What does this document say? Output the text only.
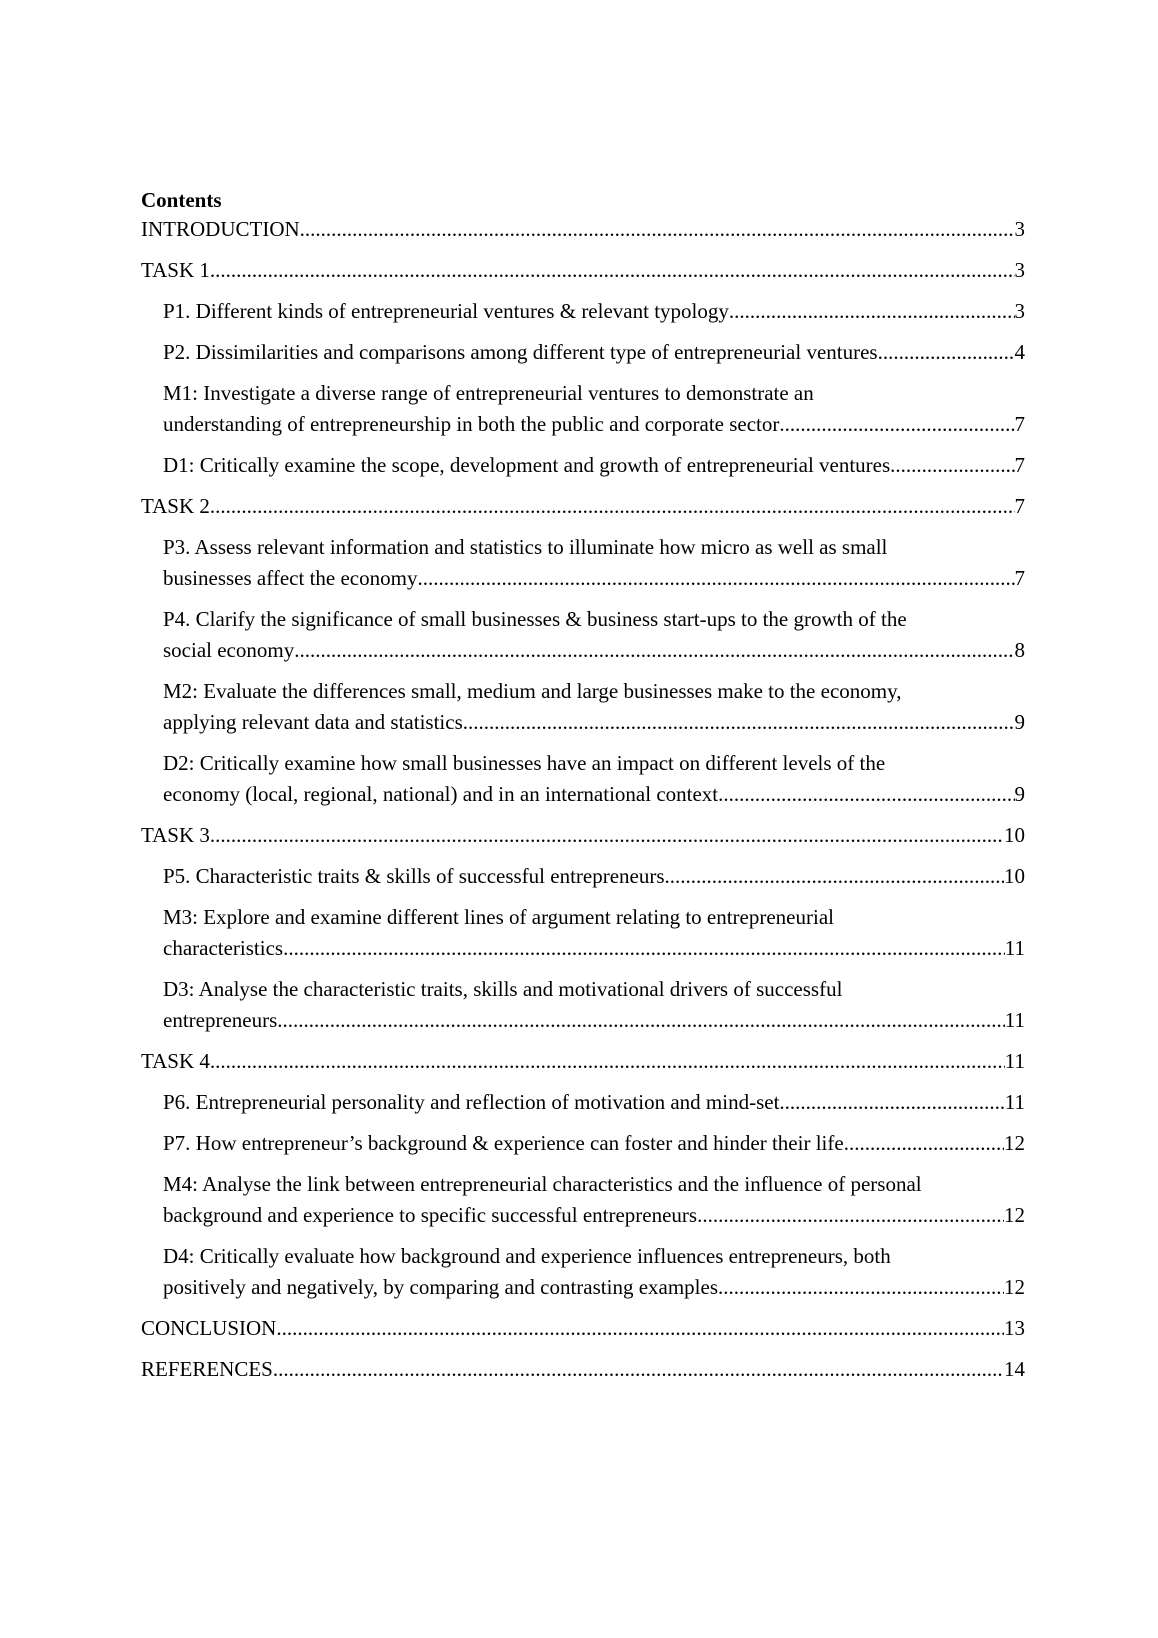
Contents
INTRODUCTION .....	3
TASK 1 .....	3
P1. Different kinds of entrepreneurial ventures & relevant typology .....	3
P2. Dissimilarities and comparisons among different type of entrepreneurial ventures .....	4
M1: Investigate a diverse range of entrepreneurial ventures to demonstrate an
understanding of entrepreneurship in both the public and corporate sector .....	7
D1: Critically examine the scope, development and growth of entrepreneurial ventures .....	7
TASK 2 .....	7
P3. Assess relevant information and statistics to illuminate how micro as well as small
businesses affect the economy .....	7
P4. Clarify the significance of small businesses & business start-ups to the growth of the
social economy .....	8
M2: Evaluate the differences small, medium and large businesses make to the economy,
applying relevant data and statistics .....	9
D2: Critically examine how small businesses have an impact on different levels of the
economy (local, regional, national) and in an international context .....	9
TASK 3 .....	10
P5. Characteristic traits & skills of successful entrepreneurs .....	10
M3: Explore and examine different lines of argument relating to entrepreneurial
characteristics .....	11
D3: Analyse the characteristic traits, skills and motivational drivers of successful
entrepreneurs .....	11
TASK 4 .....	11
P6. Entrepreneurial personality and reflection of motivation and mind-set .....	11
P7. How entrepreneur’s background & experience can foster and hinder their life .....	12
M4: Analyse the link between entrepreneurial characteristics and the influence of personal
background and experience to specific successful entrepreneurs .....	12
D4: Critically evaluate how background and experience influences entrepreneurs, both
positively and negatively, by comparing and contrasting examples .....	12
CONCLUSION .....	13
REFERENCES .....	14
